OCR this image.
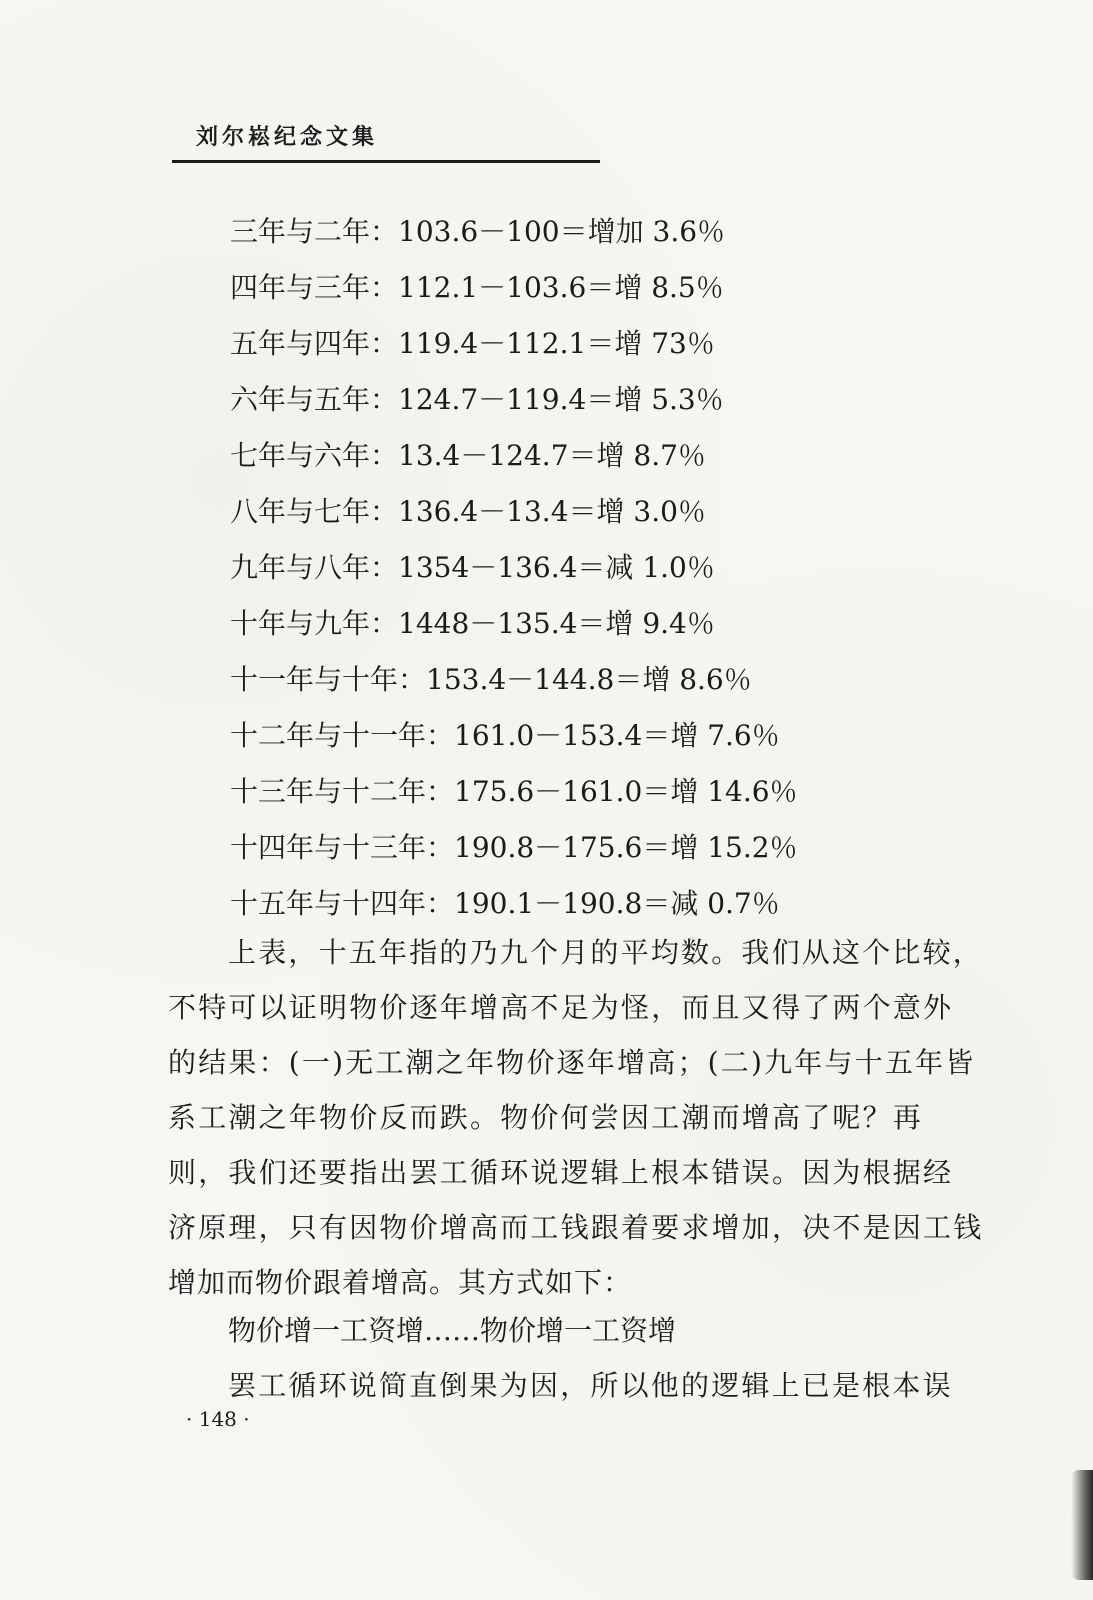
刘尔崧纪念文集

三年与二年：103.6－100＝增加 3.6％

四年与三年：112.1－103.6＝增 8.5％

五年与四年：119.4－112.1＝增 73％

六年与五年：124.7－119.4＝增 5.3％

七年与六年：13.4－124.7＝增 8.7％

八年与七年：136.4－13.4＝增 3.0％

九年与八年：1354－136.4＝减 1.0％

十年与九年：1448－135.4＝增 9.4％

十一年与十年：153.4－144.8＝增 8.6％

十二年与十一年：161.0－153.4＝增 7.6％

十三年与十二年：175.6－161.0＝增 14.6％

十四年与十三年：190.8－175.6＝增 15.2％

十五年与十四年：190.1－190.8＝减 0.7％

上表，十五年指的乃九个月的平均数。我们从这个比较，

不特可以证明物价逐年增高不足为怪，而且又得了两个意外

的结果：(一)无工潮之年物价逐年增高；(二)九年与十五年皆

系工潮之年物价反而跌。物价何尝因工潮而增高了呢？再

则，我们还要指出罢工循环说逻辑上根本错误。因为根据经

济原理，只有因物价增高而工钱跟着要求增加，决不是因工钱

增加而物价跟着增高。其方式如下：

物价增一工资增……物价增一工资增

罢工循环说简直倒果为因，所以他的逻辑上已是根本误

· 148 ·
